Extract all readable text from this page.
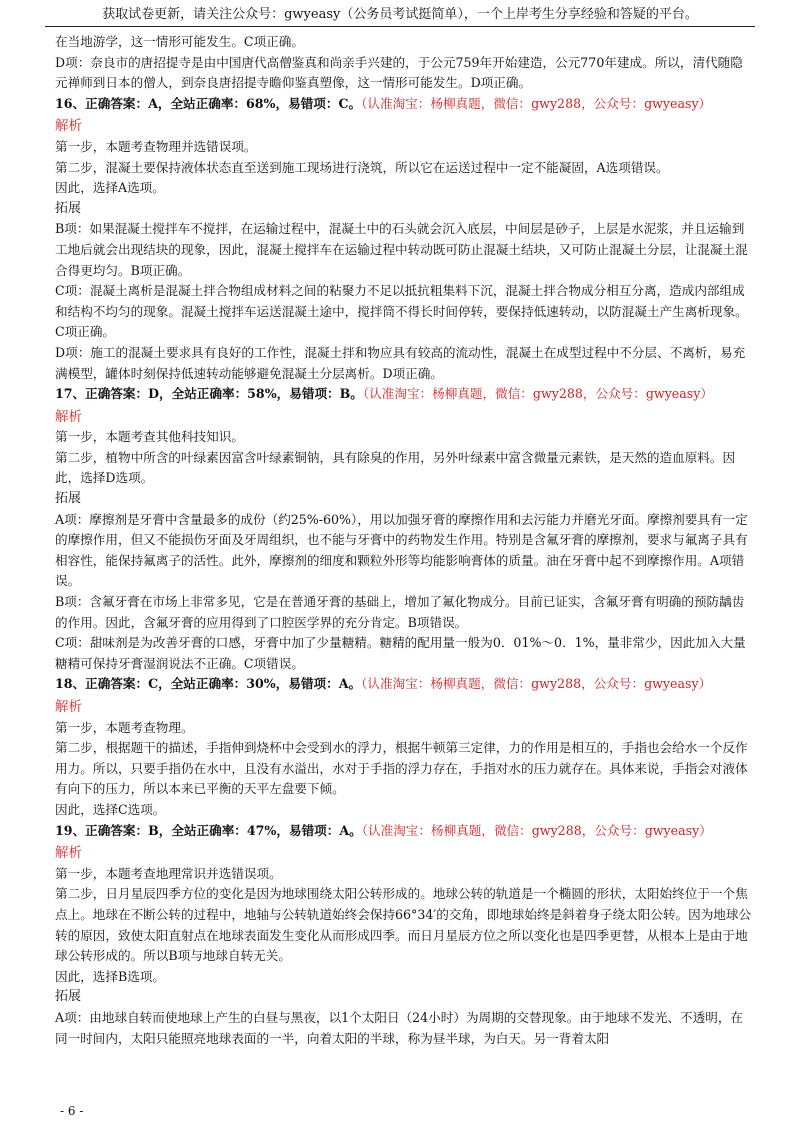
获取试卷更新，请关注公众号：gwyeasy（公务员考试挺简单），一个上岸考生分享经验和答疑的平台。

在当地游学，这一情形可能发生。C项正确。

D项：奈良市的唐招提寺是由中国唐代高僧鉴真和尚亲手兴建的，于公元759年开始建造，公元770年建成。所以，清代随隐元禅师到日本的僧人，到奈良唐招提寺瞻仰鉴真塑像，这一情形可能发生。D项正确。

16、正确答案：A，全站正确率：68%，易错项：C。（认准淘宝：杨柳真题，微信：gwy288，公众号：gwyeasy）

解析

第一步，本题考查物理并选错误项。

第二步，混凝土要保持液体状态直至送到施工现场进行浇筑，所以它在运送过程中一定不能凝固，A选项错误。

因此，选择A选项。

拓展

B项：如果混凝土搅拌车不搅拌，在运输过程中，混凝土中的石头就会沉入底层，中间层是砂子，上层是水泥浆，并且运输到工地后就会出现结块的现象，因此，混凝土搅拌车在运输过程中转动既可防止混凝土结块，又可防止混凝土分层，让混凝土混合得更均匀。B项正确。

C项：混凝土离析是混凝土拌合物组成材料之间的粘聚力不足以抵抗粗集料下沉，混凝土拌合物成分相互分离，造成内部组成和结构不均匀的现象。混凝土搅拌车运送混凝土途中，搅拌筒不得长时间停转，要保持低速转动，以防混凝土产生离析现象。C项正确。

D项：施工的混凝土要求具有良好的工作性，混凝土拌和物应具有较高的流动性，混凝土在成型过程中不分层、不离析，易充满模型，罐体时刻保持低速转动能够避免混凝土分层离析。D项正确。

17、正确答案：D，全站正确率：58%，易错项：B。（认准淘宝：杨柳真题，微信：gwy288，公众号：gwyeasy）

解析

第一步，本题考查其他科技知识。

第二步，植物中所含的叶绿素因富含叶绿素铜钠，具有除臭的作用，另外叶绿素中富含微量元素铁，是天然的造血原料。因此，选择D选项。

拓展

A项：摩擦剂是牙膏中含量最多的成份（约25%-60%），用以加强牙膏的摩擦作用和去污能力并磨光牙面。摩擦剂要具有一定的摩擦作用，但又不能损伤牙面及牙周组织，也不能与牙膏中的药物发生作用。特别是含氟牙膏的摩擦剂，要求与氟离子具有相容性，能保持氟离子的活性。此外，摩擦剂的细度和颗粒外形等均能影响膏体的质量。油在牙膏中起不到摩擦作用。A项错误。

B项：含氟牙膏在市场上非常多见，它是在普通牙膏的基础上，增加了氟化物成分。目前已证实，含氟牙膏有明确的预防龋齿的作用。因此，含氟牙膏的应用得到了口腔医学界的充分肯定。B项错误。

C项：甜味剂是为改善牙膏的口感，牙膏中加了少量糖精。糖精的配用量一般为0．01%～0．1%，量非常少，因此加入大量糖精可保持牙膏湿润说法不正确。C项错误。

18、正确答案：C，全站正确率：30%，易错项：A。（认准淘宝：杨柳真题，微信：gwy288，公众号：gwyeasy）

解析

第一步，本题考查物理。

第二步，根据题干的描述，手指伸到烧杯中会受到水的浮力，根据牛顿第三定律，力的作用是相互的，手指也会给水一个反作用力。所以，只要手指仍在水中，且没有水溢出，水对于手指的浮力存在，手指对水的压力就存在。具体来说，手指会对液体有向下的压力，所以本来已平衡的天平左盘要下倾。

因此，选择C选项。

19、正确答案：B，全站正确率：47%，易错项：A。（认准淘宝：杨柳真题，微信：gwy288，公众号：gwyeasy）

解析

第一步，本题考查地理常识并选错误项。

第二步，日月星辰四季方位的变化是因为地球围绕太阳公转形成的。地球公转的轨道是一个椭圆的形状，太阳始终位于一个焦点上。地球在不断公转的过程中，地轴与公转轨道始终会保持66°34′的交角，即地球始终是斜着身子绕太阳公转。因为地球公转的原因，致使太阳直射点在地球表面发生变化从而形成四季。而日月星辰方位之所以变化也是四季更替，从根本上是由于地球公转形成的。所以B项与地球自转无关。

因此，选择B选项。

拓展

A项：由地球自转而使地球上产生的白昼与黑夜，以1个太阳日（24小时）为周期的交替现象。由于地球不发光、不透明，在同一时间内，太阳只能照亮地球表面的一半，向着太阳的半球，称为昼半球，为白天。另一背着太阳

- 6 -
